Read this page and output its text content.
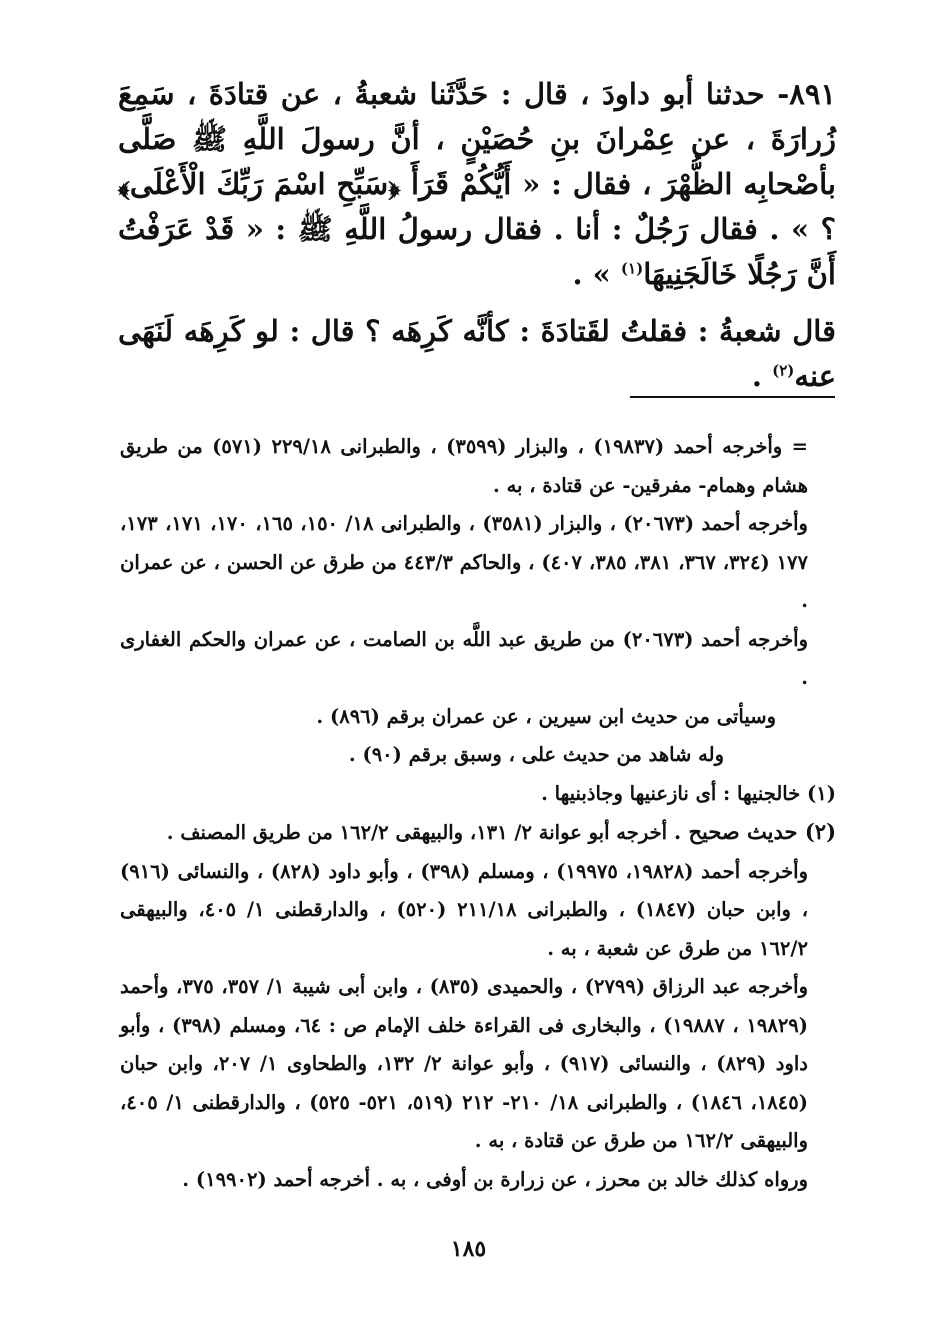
٨٩١- حدثنا أبو داودَ ، قال : حَدَّثَنا شعبةُ ، عن قتادَةَ ، سَمِعَ زُرارَةَ ، عن عِمْرانَ بنِ حُصَيْنٍ ، أنَّ رسولَ اللَّهِ ﷺ صَلَّى بأصْحابِه الظُّهْرَ ، فقال : « أَيُّكُمْ قَرَأَ ﴿سَبِّحِ اسْمَ رَبِّكَ الْأَعْلَى﴾ ؟ » . فقال رَجُلٌ : أنا . فقال رسولُ اللَّهِ ﷺ : « قَدْ عَرَفْتُ أَنَّ رَجُلًا خَالَجَنِيهَا$^{(١)}$ » .

قال شعبةُ : فقلتُ لقَتادَةَ : كأنَّه كَرِهَه ؟ قال : لو كَرِهَه لَنَهَى عنه$^{(٢)}$ .

= وأخرجه أحمد (١٩٨٣٧) ، والبزار (٣٥٩٩) ، والطبرانى ٢٢٩/١٨ (٥٧١) من طريق هشام وهمام- مفرقين- عن قتادة ، به .

وأخرجه أحمد (٢٠٦٧٣) ، والبزار (٣٥٨١) ، والطبرانى ١٨/ ١٥٠، ١٦٥، ١٧٠، ١٧١، ١٧٣، ١٧٧ (٣٢٤، ٣٦٧، ٣٨١، ٣٨٥، ٤٠٧) ، والحاكم ٤٤٣/٣ من طرق عن الحسن ، عن عمران .

وأخرجه أحمد (٢٠٦٧٣) من طريق عبد اللَّه بن الصامت ، عن عمران والحكم الغفارى .

وسيأتى من حديث ابن سيرين ، عن عمران برقم (٨٩٦) .

وله شاهد من حديث على ، وسبق برقم (٩٠) .

(١) خالجنيها : أى نازعنيها وجاذبنيها .

(٢) حديث صحيح . أخرجه أبو عوانة ٢/ ١٣١، والبيهقى ١٦٢/٢ من طريق المصنف .

وأخرجه أحمد (١٩٨٢٨، ١٩٩٧٥) ، ومسلم (٣٩٨) ، وأبو داود (٨٢٨) ، والنسائى (٩١٦) ، وابن حبان (١٨٤٧) ، والطبرانى ٢١١/١٨ (٥٢٠) ، والدارقطنى ١/ ٤٠٥، والبيهقى ١٦٢/٢ من طرق عن شعبة ، به .

وأخرجه عبد الرزاق (٢٧٩٩) ، والحميدى (٨٣٥) ، وابن أبى شيبة ١/ ٣٥٧، ٣٧٥، وأحمد (١٩٨٢٩ ، ١٩٨٨٧) ، والبخارى فى القراءة خلف الإمام ص : ٦٤، ومسلم (٣٩٨) ، وأبو داود (٨٢٩) ، والنسائى (٩١٧) ، وأبو عوانة ٢/ ١٣٢، والطحاوى ١/ ٢٠٧، وابن حبان (١٨٤٥، ١٨٤٦) ، والطبرانى ١٨/ ٢١٠- ٢١٢ (٥١٩، ٥٢١- ٥٢٥) ، والدارقطنى ١/ ٤٠٥، والبيهقى ١٦٢/٢ من طرق عن قتادة ، به .

ورواه كذلك خالد بن محرز ، عن زرارة بن أوفى ، به . أخرجه أحمد (١٩٩٠٢) .

١٨٥
